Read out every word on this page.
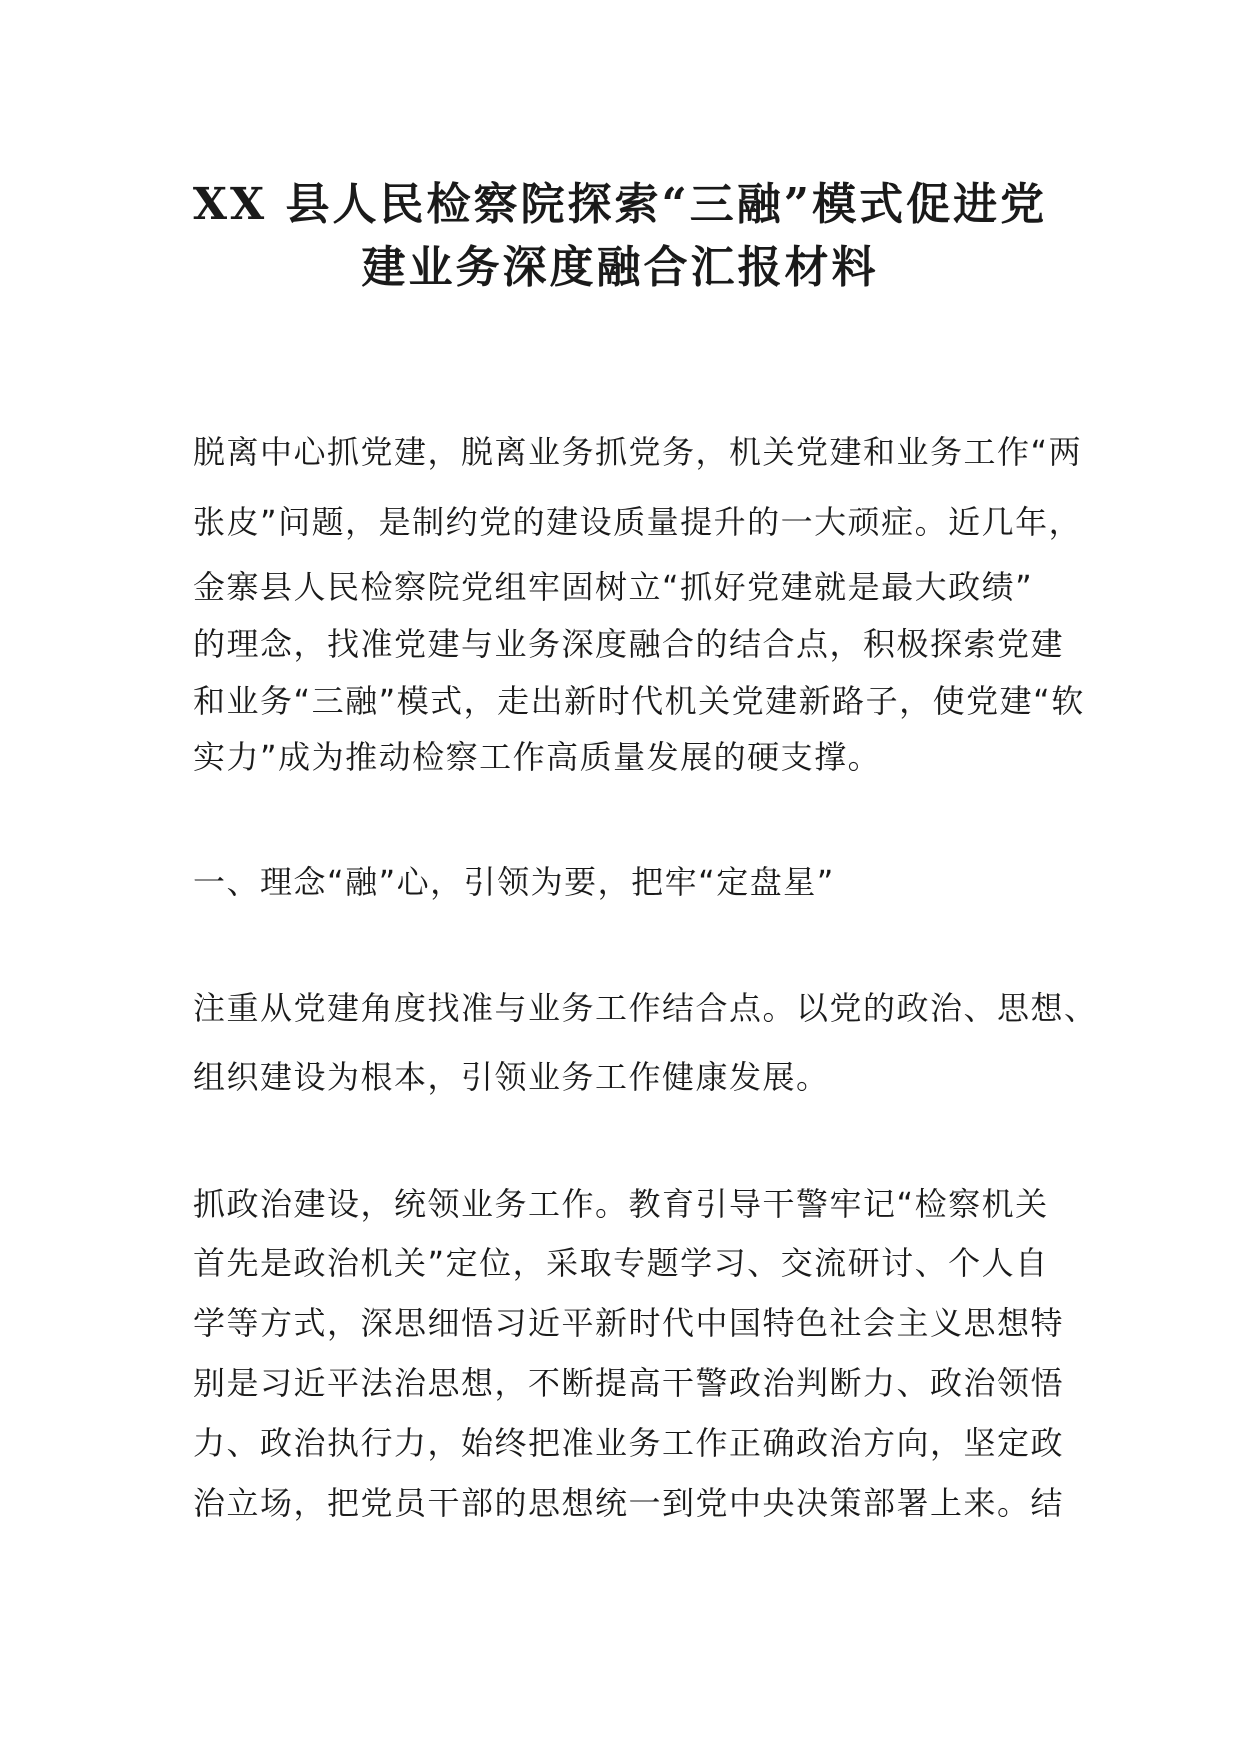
XX 县人民检察院探索“三融”模式促进党
建业务深度融合汇报材料

脱离中心抓党建，脱离业务抓党务，机关党建和业务工作“两

张皮”问题，是制约党的建设质量提升的一大顽症。近几年，

金寨县人民检察院党组牢固树立“抓好党建就是最大政绩”

的理念，找准党建与业务深度融合的结合点，积极探索党建

和业务“三融”模式，走出新时代机关党建新路子，使党建“软

实力”成为推动检察工作高质量发展的硬支撑。

一、理念“融”心，引领为要，把牢“定盘星”

注重从党建角度找准与业务工作结合点。以党的政治、思想、

组织建设为根本，引领业务工作健康发展。

抓政治建设，统领业务工作。教育引导干警牢记“检察机关

首先是政治机关”定位，采取专题学习、交流研讨、个人自

学等方式，深思细悟习近平新时代中国特色社会主义思想特

别是习近平法治思想，不断提高干警政治判断力、政治领悟

力、政治执行力，始终把准业务工作正确政治方向，坚定政

治立场，把党员干部的思想统一到党中央决策部署上来。结
